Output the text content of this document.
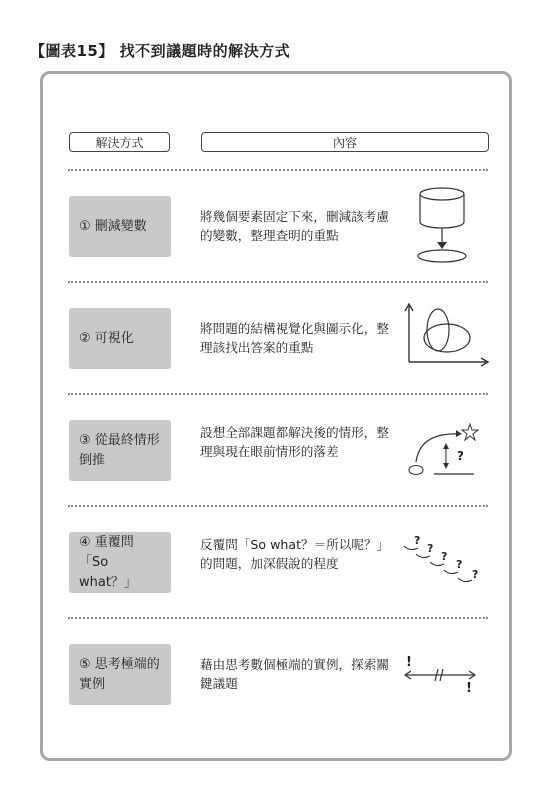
【圖表15】 找不到議題時的解決方式
解決方式	內容
① 刪減變數
將幾個要素固定下來，刪減該考慮的變數，整理查明的重點
② 可視化
將問題的結構視覺化與圖示化，整理該找出答案的重點
③ 從最終情形倒推
設想全部課題都解決後的情形，整理與現在眼前情形的落差	?
④ 重覆問「So what？」
反覆問「So what？＝所以呢？」的問題，加深假說的程度
?
?
?
?
?
⑤ 思考極端的實例
藉由思考數個極端的實例，探索關鍵議題
!
!
